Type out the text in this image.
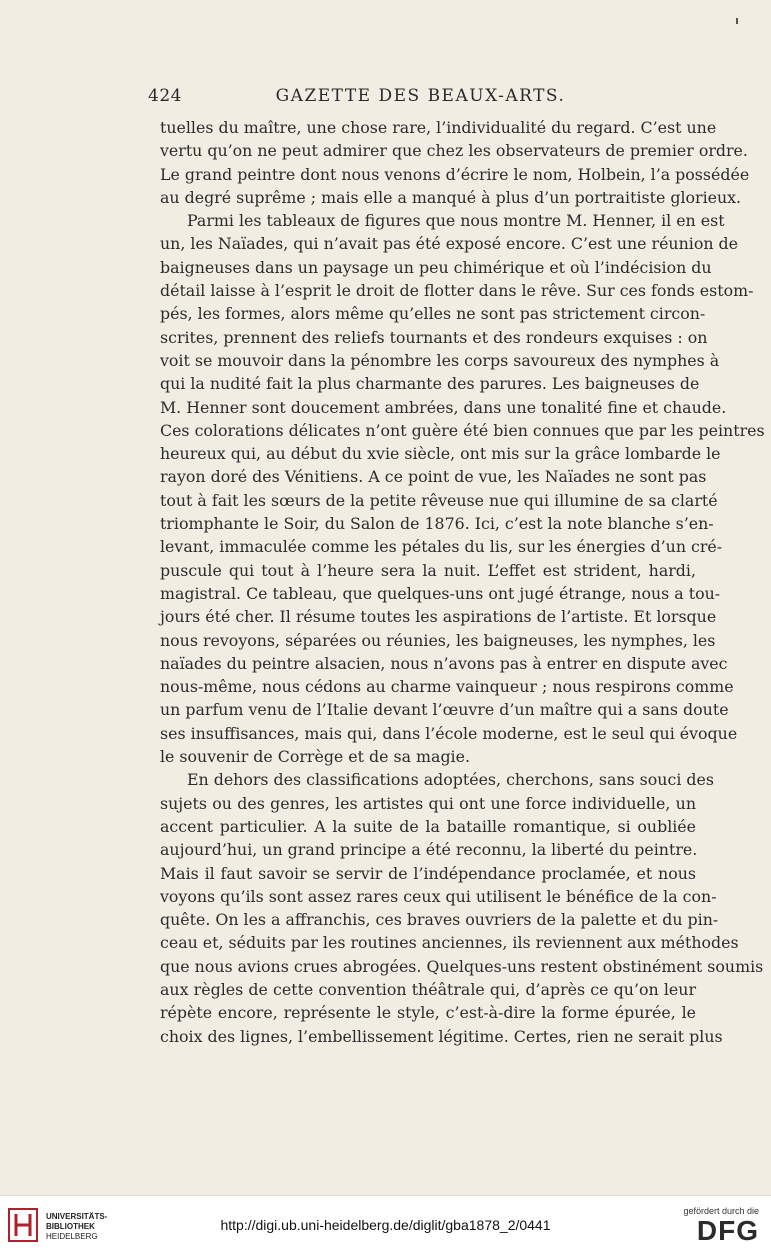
424	GAZETTE DES BEAUX-ARTS.
tuelles du maître, une chose rare, l’individualité du regard. C’est une
vertu qu’on ne peut admirer que chez les observateurs de premier ordre.
Le grand peintre dont nous venons d’écrire le nom, Holbein, l’a possédée
au degré suprême ; mais elle a manqué à plus d’un portraitiste glorieux.
Parmi les tableaux de figures que nous montre M. Henner, il en est
un, les Naïades, qui n’avait pas été exposé encore. C’est une réunion de
baigneuses dans un paysage un peu chimérique et où l’indécision du
détail laisse à l’esprit le droit de flotter dans le rêve. Sur ces fonds estom-
pés, les formes, alors même qu’elles ne sont pas strictement circon-
scrites, prennent des reliefs tournants et des rondeurs exquises : on
voit se mouvoir dans la pénombre les corps savoureux des nymphes à
qui la nudité fait la plus charmante des parures. Les baigneuses de
M. Henner sont doucement ambrées, dans une tonalité fine et chaude.
Ces colorations délicates n’ont guère été bien connues que par les peintres
heureux qui, au début du xvie siècle, ont mis sur la grâce lombarde le
rayon doré des Vénitiens. A ce point de vue, les Naïades ne sont pas
tout à fait les sœurs de la petite rêveuse nue qui illumine de sa clarté
triomphante le Soir, du Salon de 1876. Ici, c’est la note blanche s’en-
levant, immaculée comme les pétales du lis, sur les énergies d’un cré-
puscule qui tout à l’heure sera la nuit. L’effet est strident, hardi,
magistral. Ce tableau, que quelques-uns ont jugé étrange, nous a tou-
jours été cher. Il résume toutes les aspirations de l’artiste. Et lorsque
nous revoyons, séparées ou réunies, les baigneuses, les nymphes, les
naïades du peintre alsacien, nous n’avons pas à entrer en dispute avec
nous-même, nous cédons au charme vainqueur ; nous respirons comme
un parfum venu de l’Italie devant l’œuvre d’un maître qui a sans doute
ses insuffisances, mais qui, dans l’école moderne, est le seul qui évoque
le souvenir de Corrège et de sa magie.
En dehors des classifications adoptées, cherchons, sans souci des
sujets ou des genres, les artistes qui ont une force individuelle, un
accent particulier. A la suite de la bataille romantique, si oubliée
aujourd’hui, un grand principe a été reconnu, la liberté du peintre.
Mais il faut savoir se servir de l’indépendance proclamée, et nous
voyons qu’ils sont assez rares ceux qui utilisent le bénéfice de la con-
quête. On les a affranchis, ces braves ouvriers de la palette et du pin-
ceau et, séduits par les routines anciennes, ils reviennent aux méthodes
que nous avions crues abrogées. Quelques-uns restent obstinément soumis
aux règles de cette convention théâtrale qui, d’après ce qu’on leur
répète encore, représente le style, c’est-à-dire la forme épurée, le
choix des lignes, l’embellissement légitime. Certes, rien ne serait plus
UNIVERSITÄTS-
BIBLIOTHEK
HEIDELBERG
http://digi.ub.uni-heidelberg.de/diglit/gba1878_2/0441
gefördert durch die
DFG
